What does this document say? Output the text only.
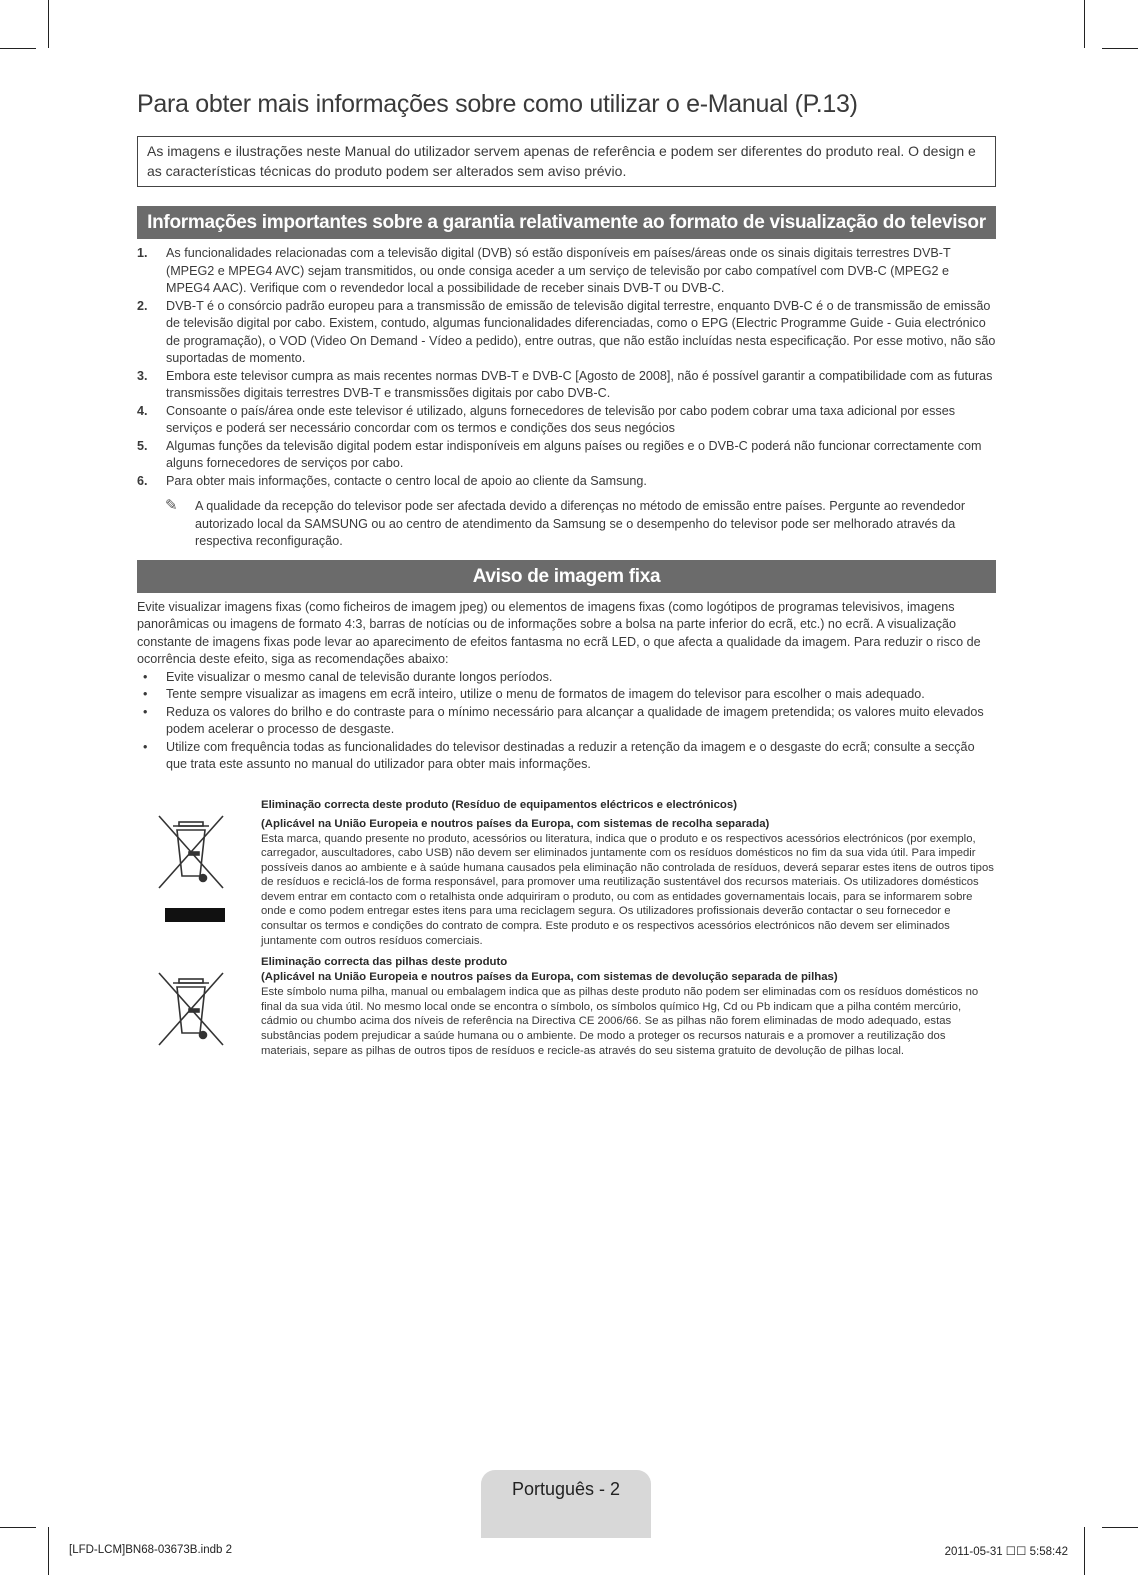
Para obter mais informações sobre como utilizar o e-Manual (P.13)
As imagens e ilustrações neste Manual do utilizador servem apenas de referência e podem ser diferentes do produto real. O design e as características técnicas do produto podem ser alterados sem aviso prévio.
Informações importantes sobre a garantia relativamente ao formato de visualização do televisor
1. As funcionalidades relacionadas com a televisão digital (DVB) só estão disponíveis em países/áreas onde os sinais digitais terrestres DVB-T (MPEG2 e MPEG4 AVC) sejam transmitidos, ou onde consiga aceder a um serviço de televisão por cabo compatível com DVB-C (MPEG2 e MPEG4 AAC). Verifique com o revendedor local a possibilidade de receber sinais DVB-T ou DVB-C.
2. DVB-T é o consórcio padrão europeu para a transmissão de emissão de televisão digital terrestre, enquanto DVB-C é o de transmissão de emissão de televisão digital por cabo. Existem, contudo, algumas funcionalidades diferenciadas, como o EPG (Electric Programme Guide - Guia electrónico de programação), o VOD (Video On Demand - Vídeo a pedido), entre outras, que não estão incluídas nesta especificação. Por esse motivo, não são suportadas de momento.
3. Embora este televisor cumpra as mais recentes normas DVB-T e DVB-C [Agosto de 2008], não é possível garantir a compatibilidade com as futuras transmissões digitais terrestres DVB-T e transmissões digitais por cabo DVB-C.
4. Consoante o país/área onde este televisor é utilizado, alguns fornecedores de televisão por cabo podem cobrar uma taxa adicional por esses serviços e poderá ser necessário concordar com os termos e condições dos seus negócios
5. Algumas funções da televisão digital podem estar indisponíveis em alguns países ou regiões e o DVB-C poderá não funcionar correctamente com alguns fornecedores de serviços por cabo.
6. Para obter mais informações, contacte o centro local de apoio ao cliente da Samsung.
✎ A qualidade da recepção do televisor pode ser afectada devido a diferenças no método de emissão entre países. Pergunte ao revendedor autorizado local da SAMSUNG ou ao centro de atendimento da Samsung se o desempenho do televisor pode ser melhorado através da respectiva reconfiguração.
Aviso de imagem fixa
Evite visualizar imagens fixas (como ficheiros de imagem jpeg) ou elementos de imagens fixas (como logótipos de programas televisivos, imagens panorâmicas ou imagens de formato 4:3, barras de notícias ou de informações sobre a bolsa na parte inferior do ecrã, etc.) no ecrã. A visualização constante de imagens fixas pode levar ao aparecimento de efeitos fantasma no ecrã LED, o que afecta a qualidade da imagem. Para reduzir o risco de ocorrência deste efeito, siga as recomendações abaixo:
• Evite visualizar o mesmo canal de televisão durante longos períodos.
• Tente sempre visualizar as imagens em ecrã inteiro, utilize o menu de formatos de imagem do televisor para escolher o mais adequado.
• Reduza os valores do brilho e do contraste para o mínimo necessário para alcançar a qualidade de imagem pretendida; os valores muito elevados podem acelerar o processo de desgaste.
• Utilize com frequência todas as funcionalidades do televisor destinadas a reduzir a retenção da imagem e o desgaste do ecrã; consulte a secção que trata este assunto no manual do utilizador para obter mais informações.
Eliminação correcta deste produto (Resíduo de equipamentos eléctricos e electrónicos)
(Aplicável na União Europeia e noutros países da Europa, com sistemas de recolha separada)

Esta marca, quando presente no produto, acessórios ou literatura, indica que o produto e os respectivos acessórios electrónicos (por exemplo, carregador, auscultadores, cabo USB) não devem ser eliminados juntamente com os resíduos domésticos no fim da sua vida útil. Para impedir possíveis danos ao ambiente e à saúde humana causados pela eliminação não controlada de resíduos, deverá separar estes itens de outros tipos de resíduos e reciclá-los de forma responsável, para promover uma reutilização sustentável dos recursos materiais. Os utilizadores domésticos devem entrar em contacto com o retalhista onde adquiriram o produto, ou com as entidades governamentais locais, para se informarem sobre onde e como podem entregar estes itens para uma reciclagem segura. Os utilizadores profissionais deverão contactar o seu fornecedor e consultar os termos e condições do contrato de compra. Este produto e os respectivos acessórios electrónicos não devem ser eliminados juntamente com outros resíduos comerciais.

Eliminação correcta das pilhas deste produto
(Aplicável na União Europeia e noutros países da Europa, com sistemas de devolução separada de pilhas)

Este símbolo numa pilha, manual ou embalagem indica que as pilhas deste produto não podem ser eliminadas com os resíduos domésticos no final da sua vida útil. No mesmo local onde se encontra o símbolo, os símbolos químico Hg, Cd ou Pb indicam que a pilha contém mercúrio, cádmio ou chumbo acima dos níveis de referência na Directiva CE 2006/66. Se as pilhas não forem eliminadas de modo adequado, estas substâncias podem prejudicar a saúde humana ou o ambiente. De modo a proteger os recursos naturais e a promover a reutilização dos materiais, separe as pilhas de outros tipos de resíduos e recicle-as através do seu sistema gratuito de devolução de pilhas local.

Português - 2
[LFD-LCM]BN68-03673B.indb 2	2011-05-31 ☐☐ 5:58:42
